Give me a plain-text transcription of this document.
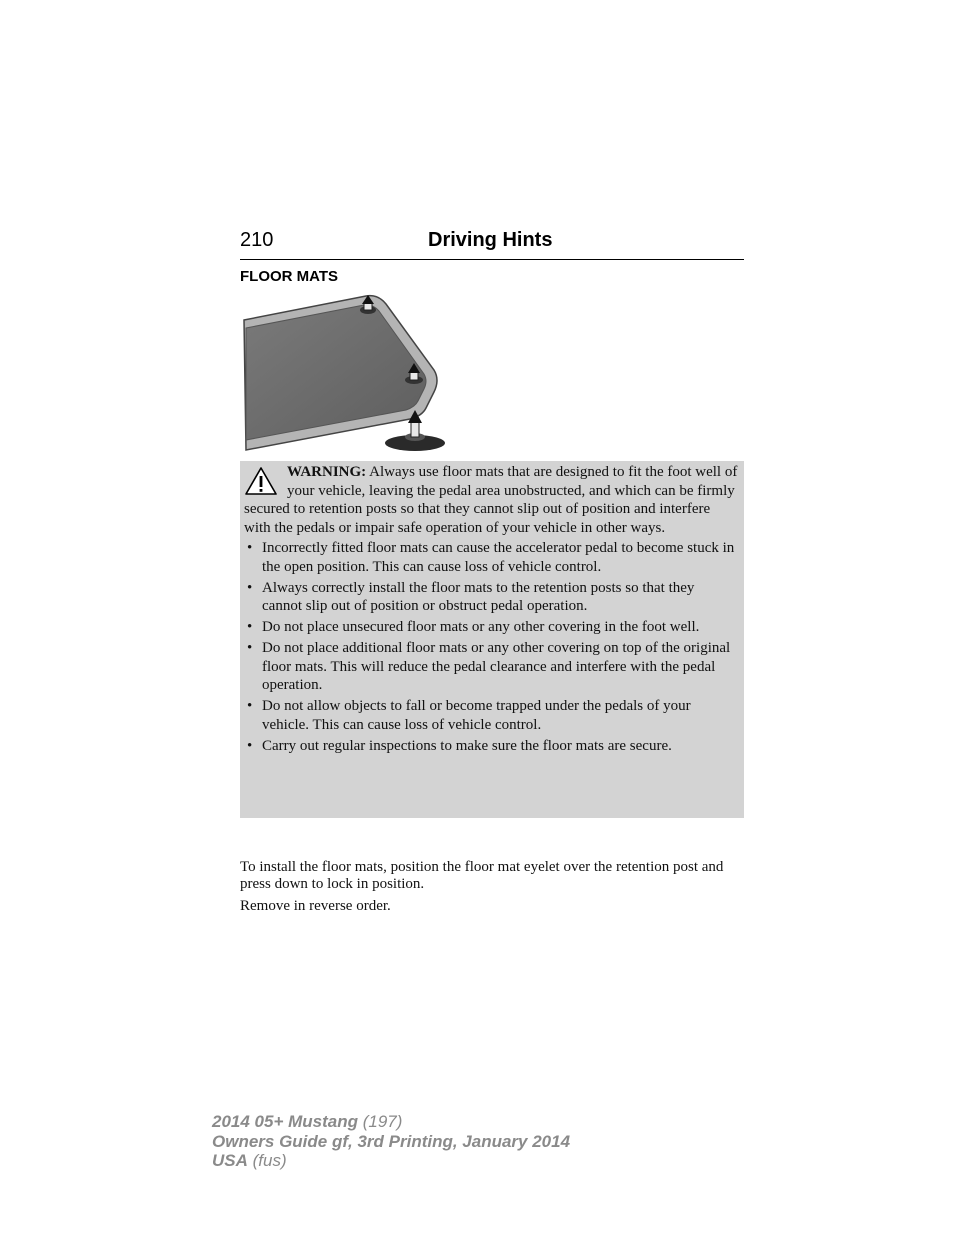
210	Driving Hints
FLOOR MATS

WARNING: Always use floor mats that are designed to fit the foot well of your vehicle, leaving the pedal area unobstructed, and which can be firmly secured to retention posts so that they cannot slip out of position and interfere with the pedals or impair safe operation of your vehicle in other ways.

• Incorrectly fitted floor mats can cause the accelerator pedal to become stuck in the open position. This can cause loss of vehicle control.
• Always correctly install the floor mats to the retention posts so that they cannot slip out of position or obstruct pedal operation.
• Do not place unsecured floor mats or any other covering in the foot well.
• Do not place additional floor mats or any other covering on top of the original floor mats. This will reduce the pedal clearance and interfere with the pedal operation.
• Do not allow objects to fall or become trapped under the pedals of your vehicle. This can cause loss of vehicle control.
• Carry out regular inspections to make sure the floor mats are secure.

To install the floor mats, position the floor mat eyelet over the retention post and press down to lock in position.

Remove in reverse order.

2014 05+ Mustang (197)
Owners Guide gf, 3rd Printing, January 2014
USA (fus)
